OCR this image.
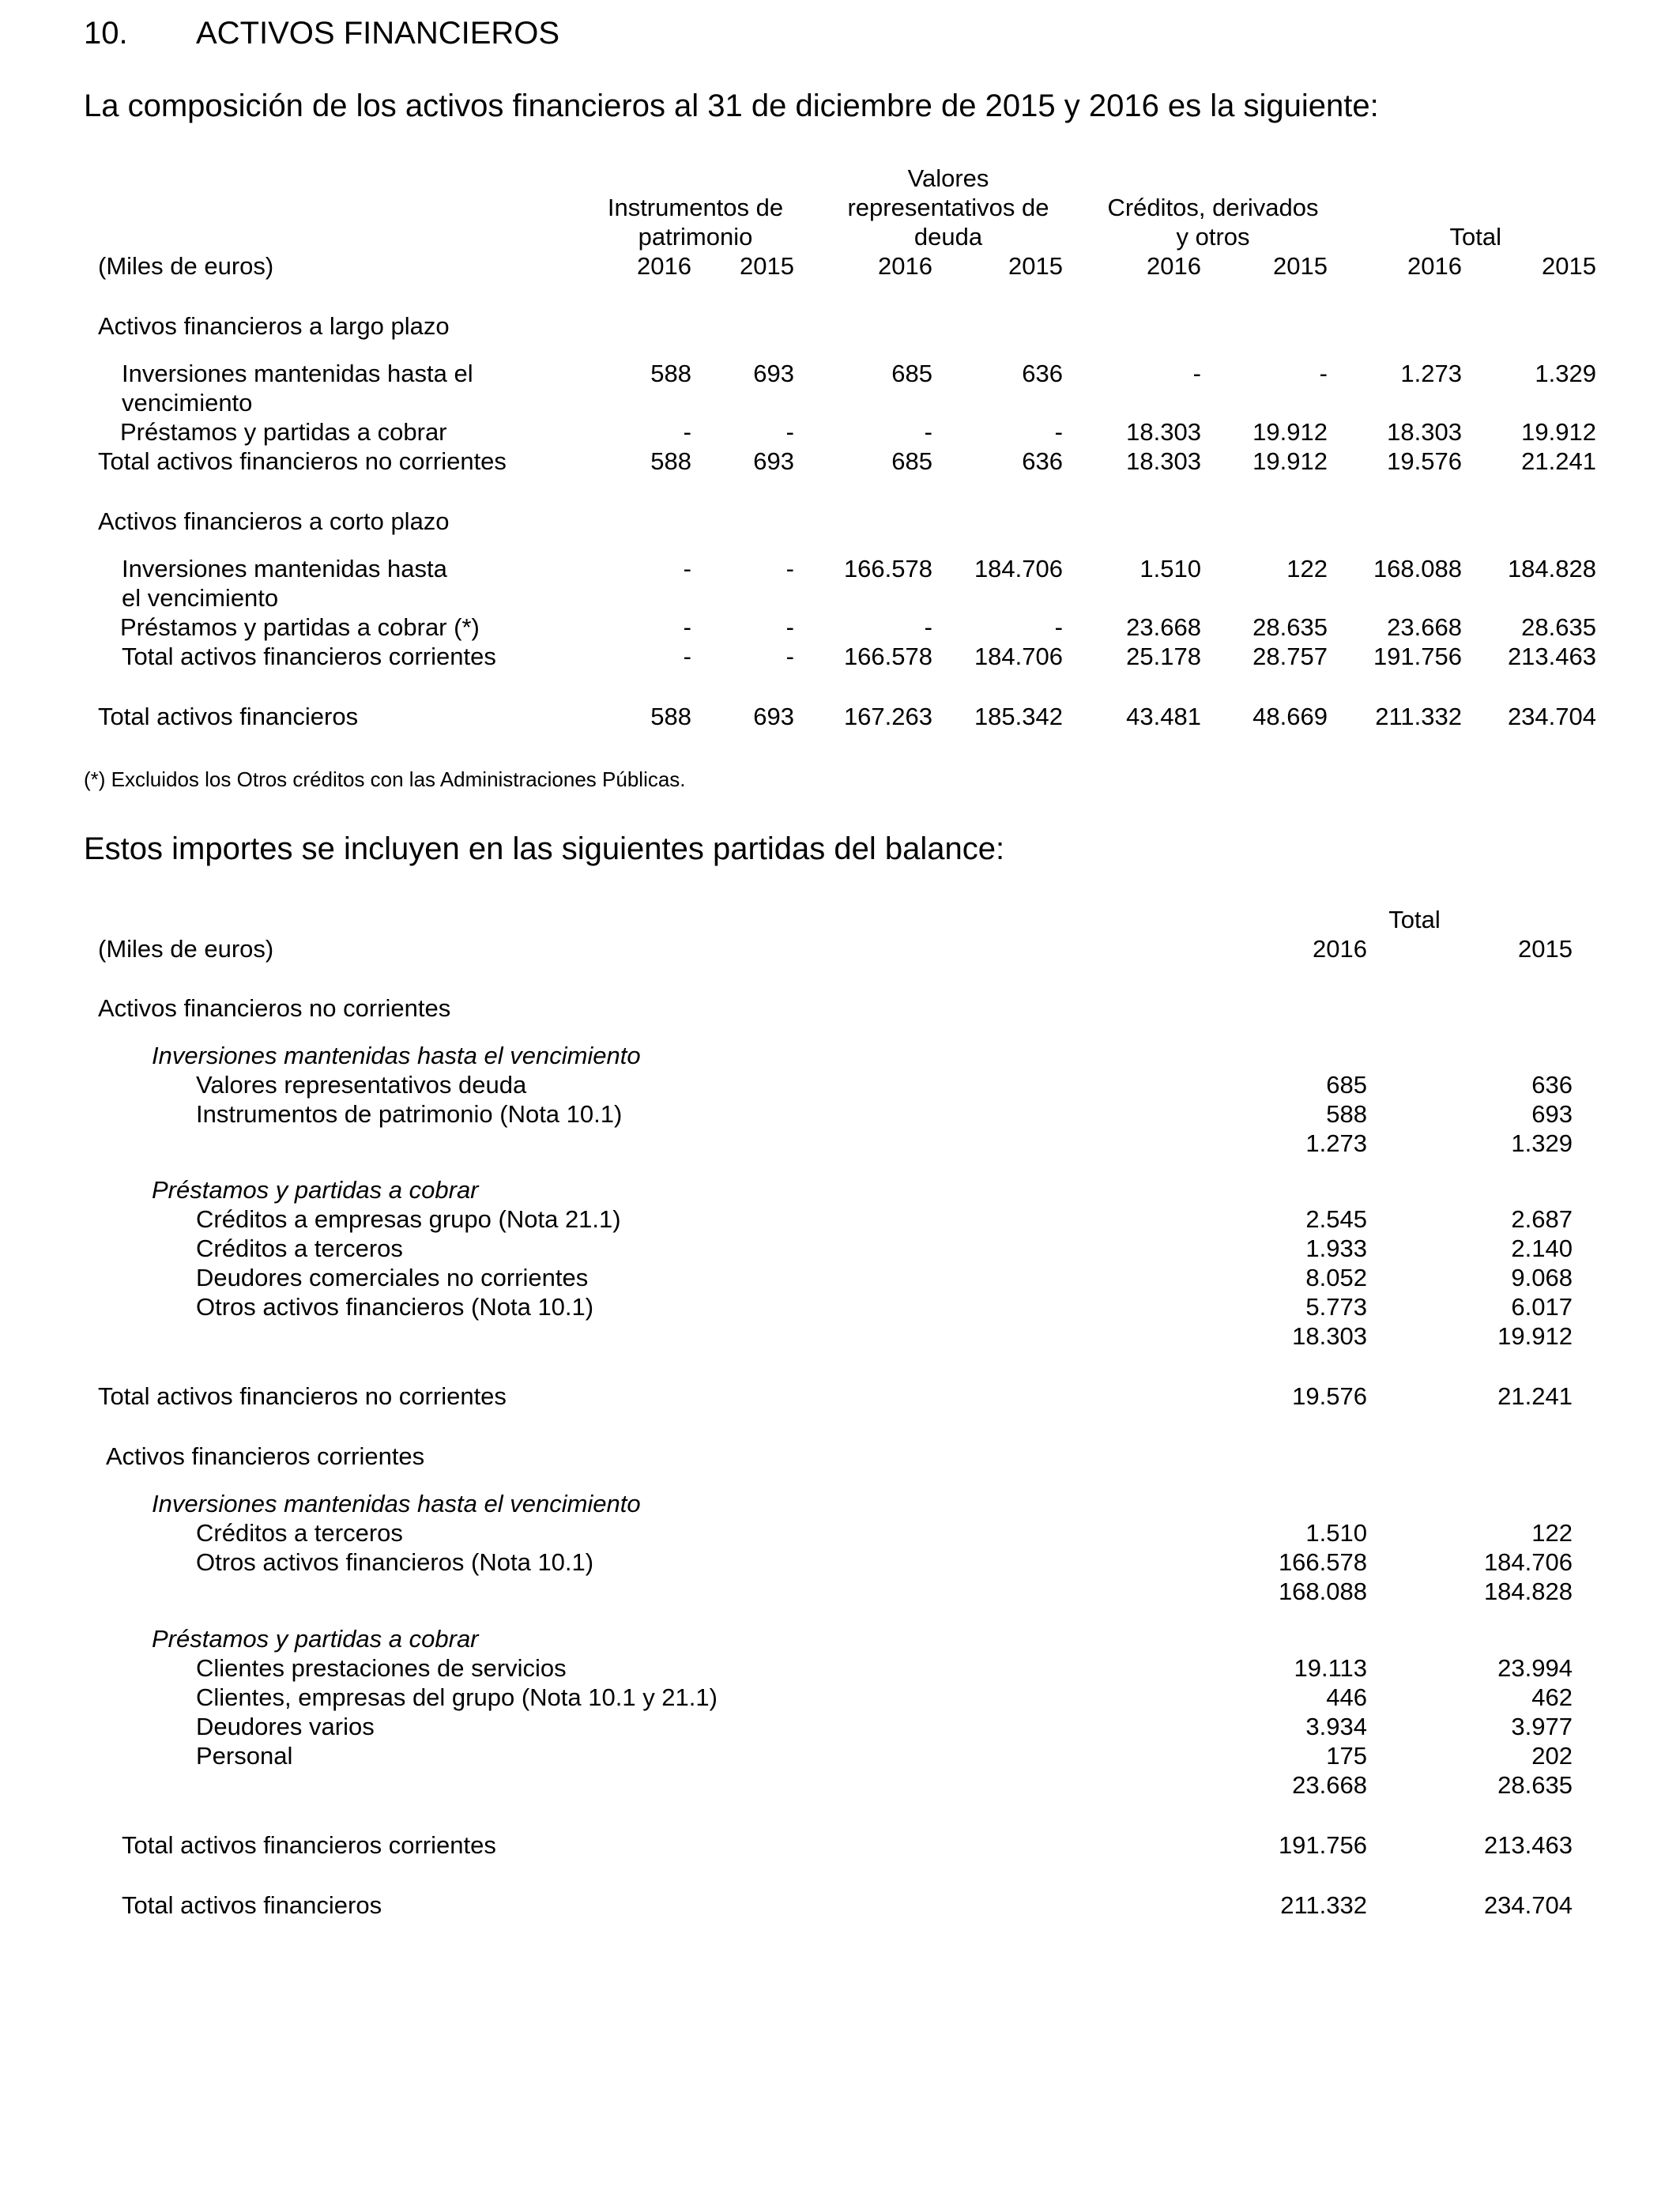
10. ACTIVOS FINANCIEROS
La composición de los activos financieros al 31 de diciembre de 2015 y 2016 es la siguiente:
Instrumentos de
patrimonio
Valores
representativos de
deuda
Créditos, derivados
y otros	Total
(Miles de euros)	2016	2015	2016	2015	2016	2015	2016	2015
Activos financieros a largo plazo
Inversiones mantenidas hasta el
vencimiento
588	693	685	636	-	-	1.273	1.329
Préstamos y partidas a cobrar	-	-	-	-	18.303	19.912	18.303	19.912
Total activos financieros no corrientes	588	693	685	636	18.303	19.912	19.576	21.241
Activos financieros a corto plazo
Inversiones mantenidas hasta
el vencimiento
-	-	166.578	184.706	1.510	122	168.088	184.828
Préstamos y partidas a cobrar (*)	-	-	-	-	23.668	28.635	23.668	28.635
Total activos financieros corrientes	-	-	166.578	184.706	25.178	28.757	191.756	213.463
Total activos financieros	588	693	167.263	185.342	43.481	48.669	211.332	234.704
(*) Excluidos los Otros créditos con las Administraciones Públicas.
Estos importes se incluyen en las siguientes partidas del balance:
Total
(Miles de euros)	2016	2015
Activos financieros no corrientes
Inversiones mantenidas hasta el vencimiento
Valores representativos deuda	685	636
Instrumentos de patrimonio (Nota 10.1)	588	693
1.273	1.329
Préstamos y partidas a cobrar
Créditos a empresas grupo (Nota 21.1)	2.545	2.687
Créditos a terceros	1.933	2.140
Deudores comerciales no corrientes	8.052	9.068
Otros activos financieros (Nota 10.1)	5.773	6.017
18.303	19.912
Total activos financieros no corrientes	19.576	21.241
Activos financieros corrientes
Inversiones mantenidas hasta el vencimiento
Créditos a terceros	1.510	122
Otros activos financieros (Nota 10.1)	166.578	184.706
168.088	184.828
Préstamos y partidas a cobrar
Clientes prestaciones de servicios	19.113	23.994
Clientes, empresas del grupo (Nota 10.1 y 21.1)	446	462
Deudores varios	3.934	3.977
Personal	175	202
23.668	28.635
Total activos financieros corrientes	191.756	213.463
Total activos financieros	211.332	234.704
